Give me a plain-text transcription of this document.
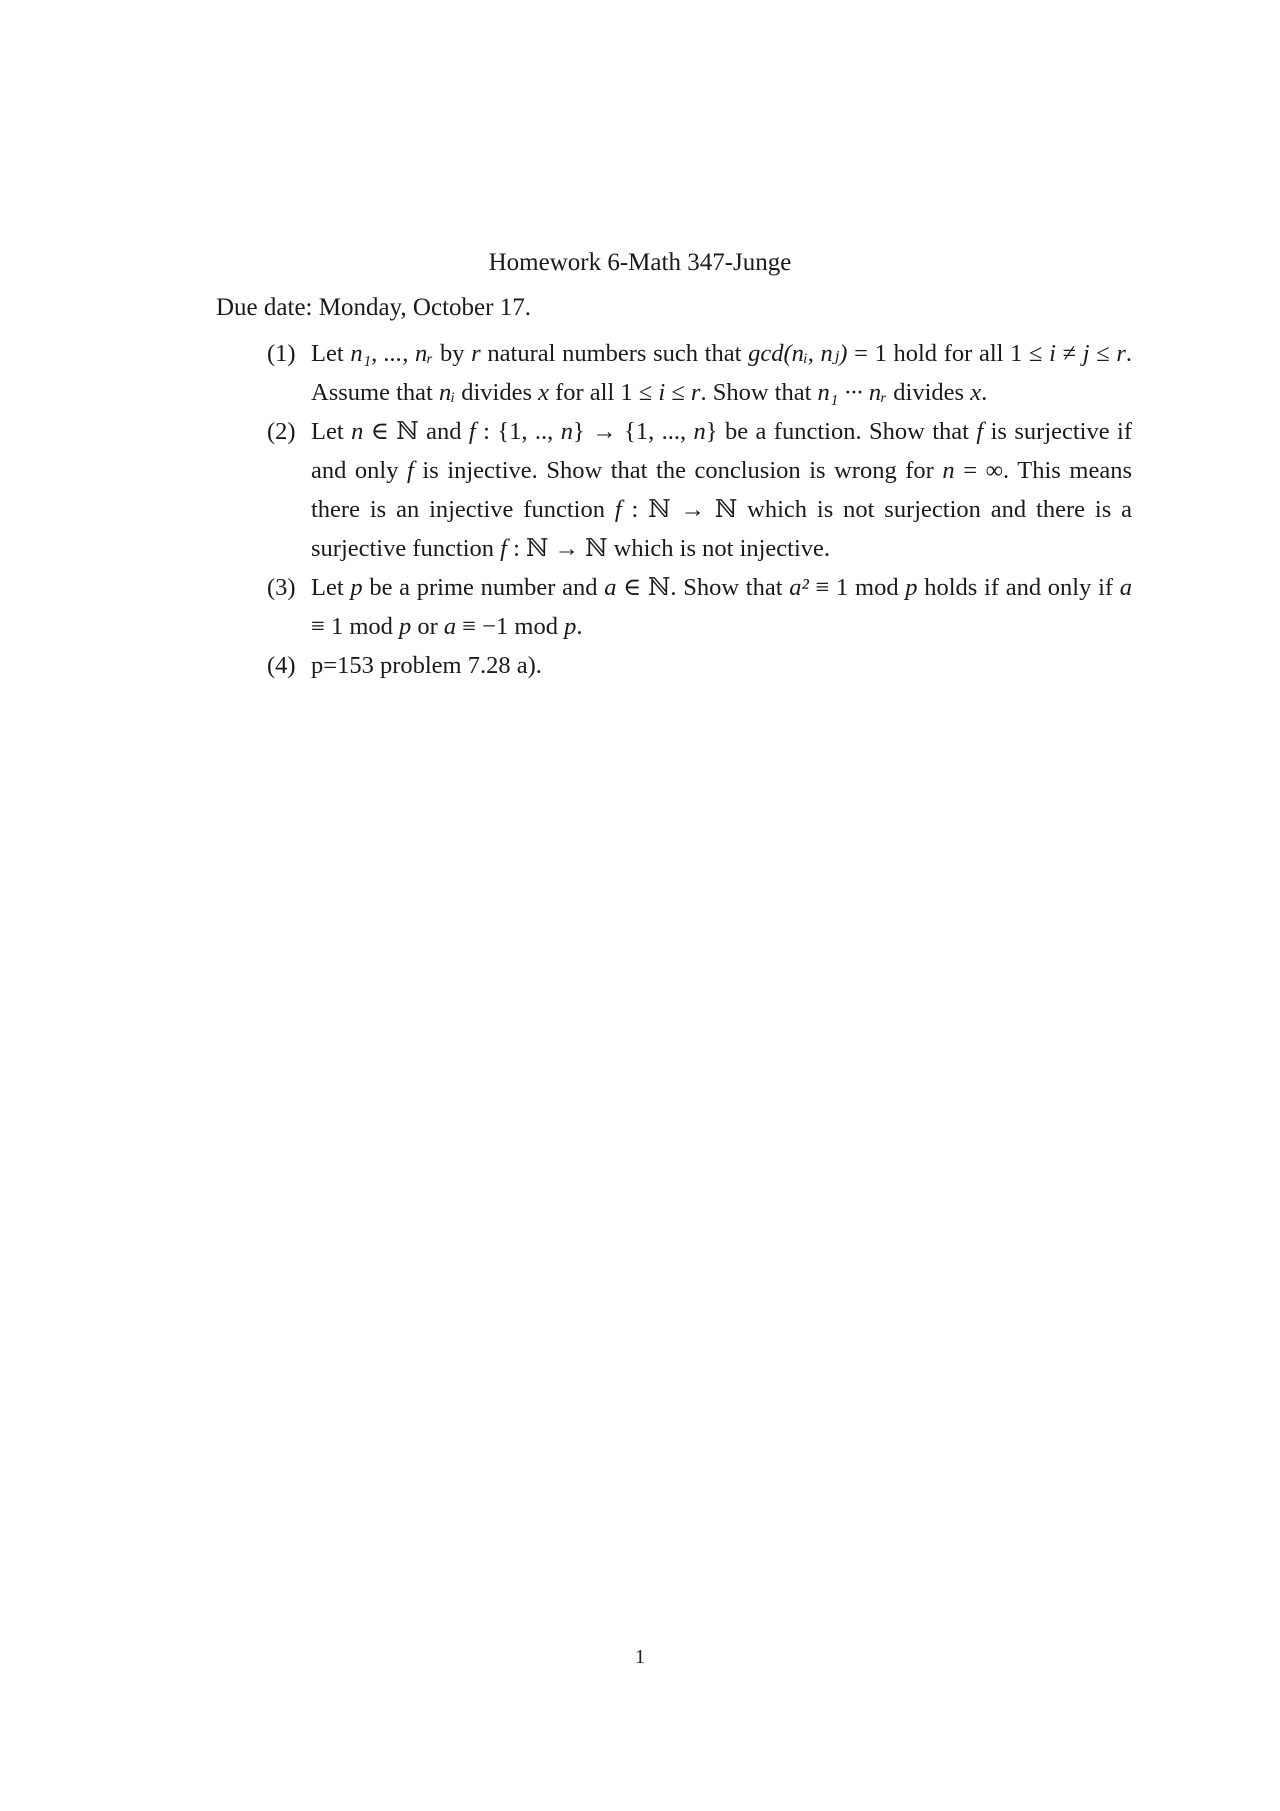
Homework 6-Math 347-Junge
Due date: Monday, October 17.
(1) Let n₁, ..., nᵣ by r natural numbers such that gcd(nᵢ, nⱼ) = 1 hold for all 1 ≤ i ≠ j ≤ r. Assume that nᵢ divides x for all 1 ≤ i ≤ r. Show that n₁ ··· nᵣ divides x.
(2) Let n ∈ ℕ and f : {1, .., n} → {1, ..., n} be a function. Show that f is surjective if and only f is injective. Show that the conclusion is wrong for n = ∞. This means there is an injective function f : ℕ → ℕ which is not surjection and there is a surjective function f : ℕ → ℕ which is not injective.
(3) Let p be a prime number and a ∈ ℕ. Show that a² ≡ 1 mod p holds if and only if a ≡ 1 mod p or a ≡ −1 mod p.
(4) p=153 problem 7.28 a).
1
